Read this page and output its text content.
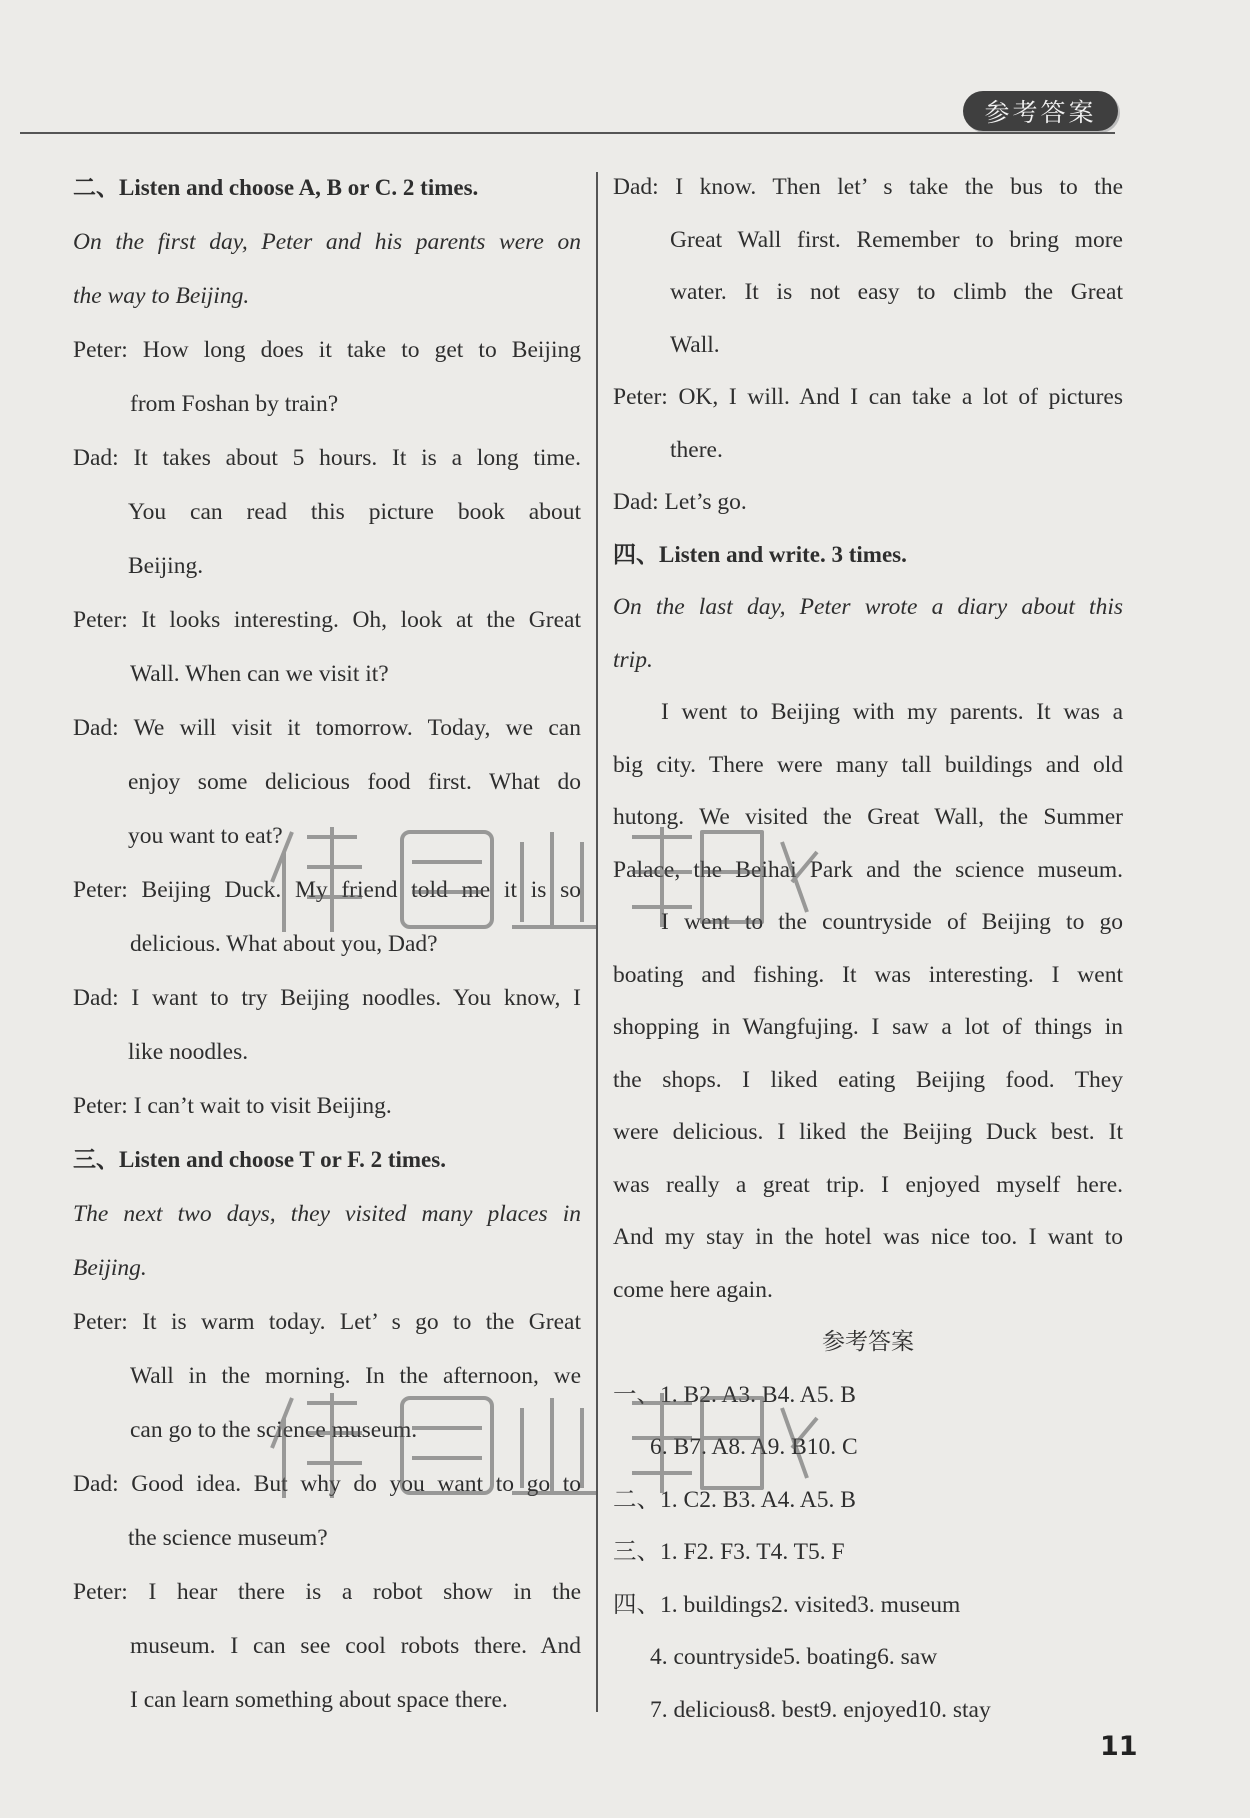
参考答案
二、Listen and choose A, B or C. 2 times.
On the first day, Peter and his parents were on
the way to Beijing.
Peter: How long does it take to get to Beijing
from Foshan by train?
Dad: It takes about 5 hours. It is a long time.
You can read this picture book about
Beijing.
Peter: It looks interesting. Oh, look at the Great
Wall. When can we visit it?
Dad: We will visit it tomorrow. Today, we can
enjoy some delicious food first. What do
you want to eat?
Peter: Beijing Duck. My friend told me it is so
delicious. What about you, Dad?
Dad: I want to try Beijing noodles. You know, I
like noodles.
Peter: I can’t wait to visit Beijing.
三、Listen and choose T or F. 2 times.
The next two days, they visited many places in
Beijing.
Peter: It is warm today. Let’ s go to the Great
Wall in the morning. In the afternoon, we
can go to the science museum.
Dad: Good idea. But why do you want to go to
the science museum?
Peter: I hear there is a robot show in the
museum. I can see cool robots there. And
I can learn something about space there.
Dad: I know. Then let’ s take the bus to the
Great Wall first. Remember to bring more
water. It is not easy to climb the Great
Wall.
Peter: OK, I will. And I can take a lot of pictures
there.
Dad: Let’s go.
四、Listen and write. 3 times.
On the last day, Peter wrote a diary about this
trip.
I went to Beijing with my parents. It was a
big city. There were many tall buildings and old
hutong. We visited the Great Wall, the Summer
Palace, the Beihai Park and the science museum.
I went to the countryside of Beijing to go
boating and fishing. It was interesting. I went
shopping in Wangfujing. I saw a lot of things in
the shops. I liked eating Beijing food. They
were delicious. I liked the Beijing Duck best. It
was really a great trip. I enjoyed myself here.
And my stay in the hotel was nice too. I want to
come here again.
参考答案
一、1. B2. A3. B4. A5. B
6. B7. A8. A9. B10. C
二、1. C2. B3. A4. A5. B
三、1. F2. F3. T4. T5. F
四、1. buildings2. visited3. museum
4. countryside5. boating6. saw
7. delicious8. best9. enjoyed10. stay
11
